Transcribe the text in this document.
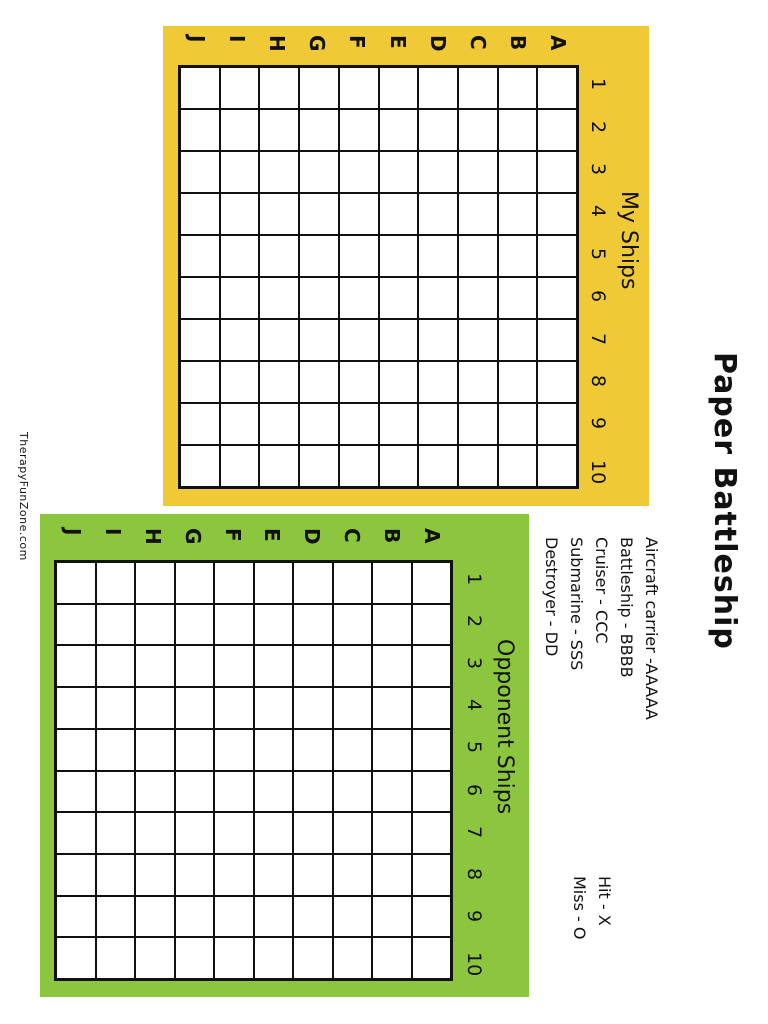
Paper Battleship
Aircraft carrier -AAAAA
Battleship - BBBB
Cruiser - CCC
Submarine - SSS
Destroyer - DD
Hit - X
Miss - O
TherapyFunZone.com
My Ships
A
B
C
D
E
F
G
H
I
J
1
2
3
4
5
6
7
8
9
10
Opponent Ships
A
B
C
D
E
F
G
H
I
J
1
2
3
4
5
6
7
8
9
10
